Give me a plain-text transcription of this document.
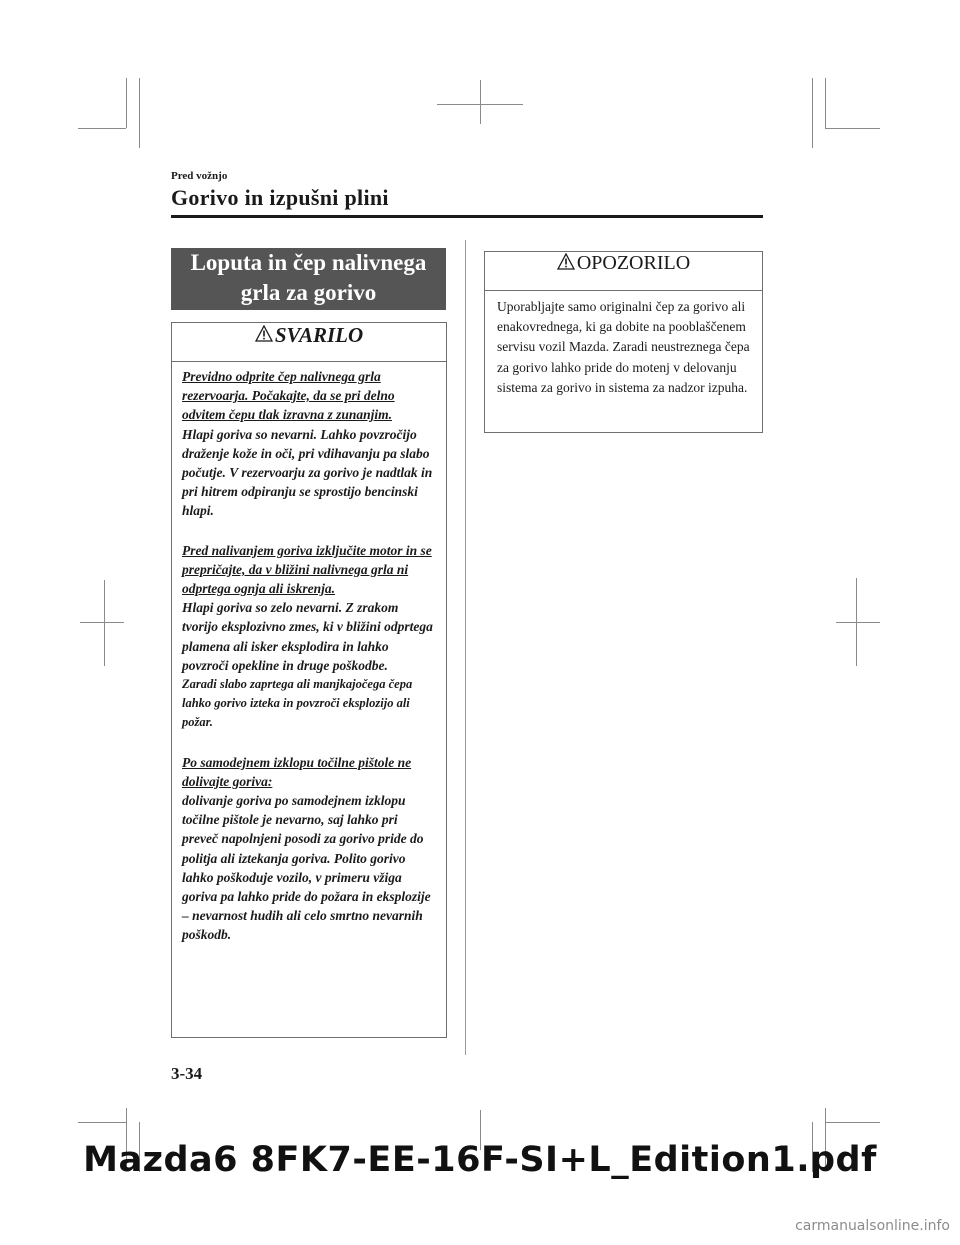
Pred vožnjo
Gorivo in izpušni plini
Loputa in čep nalivnega
grla za gorivo
SVARILO

Previdno odprite čep nalivnega grla rezervoarja. Počakajte, da se pri delno odvitem čepu tlak izravna z zunanjim.

Hlapi goriva so nevarni. Lahko povzročijo draženje kože in oči, pri vdihavanju pa slabo počutje. V rezervoarju za gorivo je nadtlak in pri hitrem odpiranju se sprostijo bencinski hlapi.

Pred nalivanjem goriva izključite motor in se prepričajte, da v bližini nalivnega grla ni odprtega ognja ali iskrenja.

Hlapi goriva so zelo nevarni. Z zrakom tvorijo eksplozivno zmes, ki v bližini odprtega plamena ali isker eksplodira in lahko povzroči opekline in druge poškodbe.

Zaradi slabo zaprtega ali manjkajočega čepa lahko gorivo izteka in povzroči eksplozijo ali požar.

Po samodejnem izklopu točilne pištole ne dolivajte goriva:

dolivanje goriva po samodejnem izklopu točilne pištole je nevarno, saj lahko pri preveč napolnjeni posodi za gorivo pride do politja ali iztekanja goriva. Polito gorivo lahko poškoduje vozilo, v primeru vžiga goriva pa lahko pride do požara in eksplozije – nevarnost hudih ali celo smrtno nevarnih poškodb.

OPOZORILO

Uporabljajte samo originalni čep za gorivo ali enakovrednega, ki ga dobite na pooblaščenem servisu vozil Mazda. Zaradi neustreznega čepa za gorivo lahko pride do motenj v delovanju sistema za gorivo in sistema za nadzor izpuha.

3-34
Mazda6 8FK7-EE-16F-SI+L_Edition1.pdf
carmanualsonline.info
